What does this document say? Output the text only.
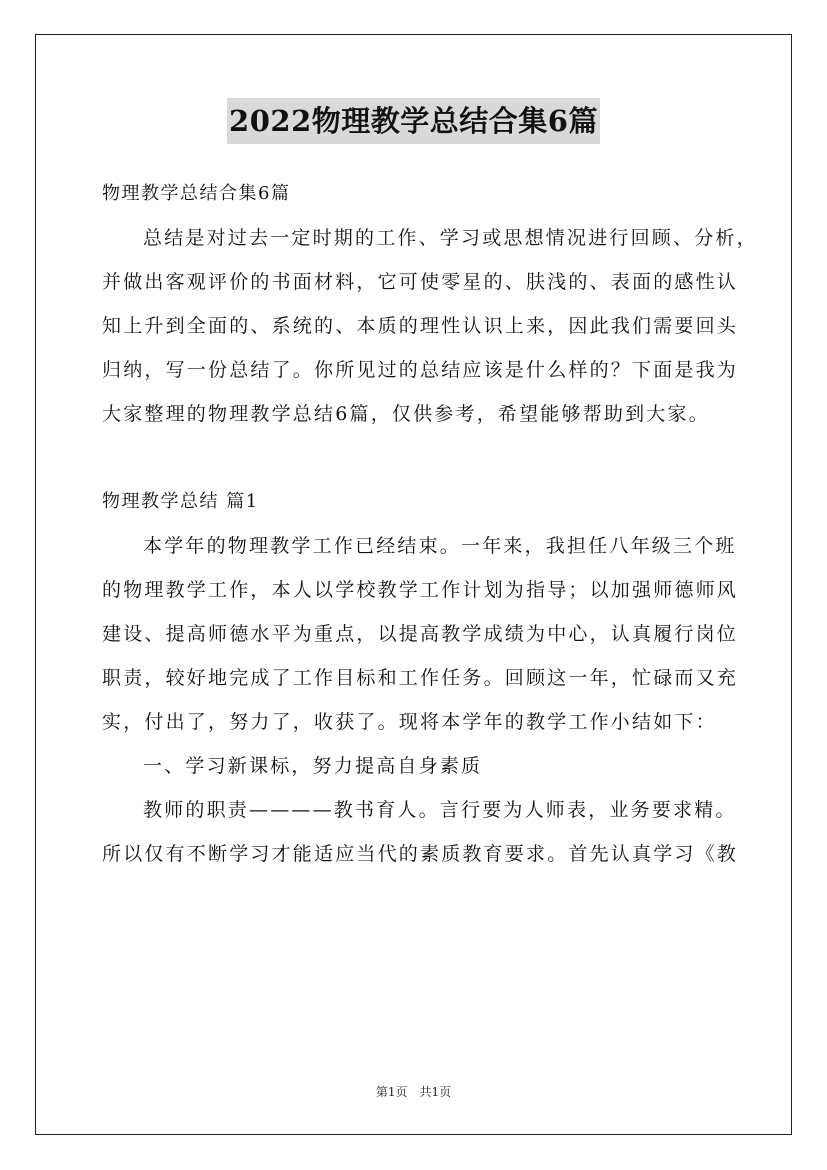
2022物理教学总结合集6篇
物理教学总结合集6篇
总结是对过去一定时期的工作、学习或思想情况进行回顾、分析，
并做出客观评价的书面材料，它可使零星的、肤浅的、表面的感性认
知上升到全面的、系统的、本质的理性认识上来，因此我们需要回头
归纳，写一份总结了。你所见过的总结应该是什么样的？下面是我为
大家整理的物理教学总结6篇，仅供参考，希望能够帮助到大家。
物理教学总结 篇1
本学年的物理教学工作已经结束。一年来，我担任八年级三个班
的物理教学工作，本人以学校教学工作计划为指导；以加强师德师风
建设、提高师德水平为重点，以提高教学成绩为中心，认真履行岗位
职责，较好地完成了工作目标和工作任务。回顾这一年，忙碌而又充
实，付出了，努力了，收获了。现将本学年的教学工作小结如下：
一、学习新课标，努力提高自身素质
教师的职责————教书育人。言行要为人师表，业务要求精。
所以仅有不断学习才能适应当代的素质教育要求。首先认真学习《教
第1页　共1页
